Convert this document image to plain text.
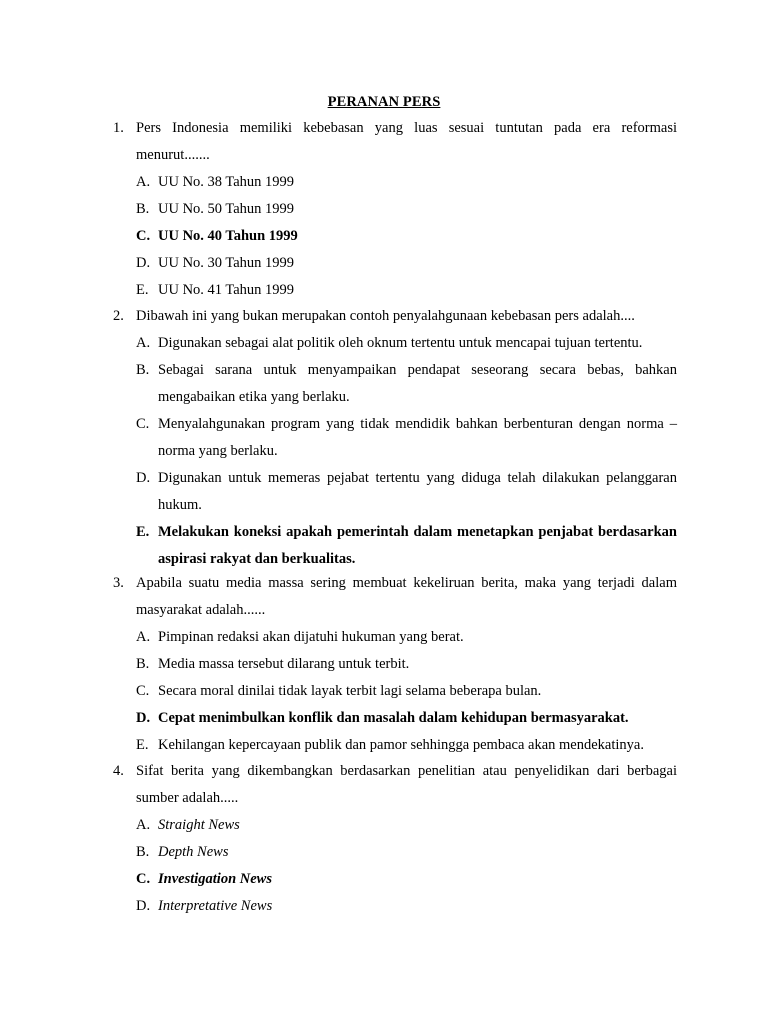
PERANAN PERS
1. Pers Indonesia memiliki kebebasan yang luas sesuai tuntutan pada era reformasi menurut.......
A. UU No. 38 Tahun 1999
B. UU No. 50 Tahun 1999
C. UU No. 40 Tahun 1999
D. UU No. 30 Tahun 1999
E. UU No. 41 Tahun 1999
2. Dibawah ini yang bukan merupakan contoh penyalahgunaan kebebasan pers adalah....
A. Digunakan sebagai alat politik oleh oknum tertentu untuk mencapai tujuan tertentu.
B. Sebagai sarana untuk menyampaikan pendapat seseorang secara bebas, bahkan mengabaikan etika yang berlaku.
C. Menyalahgunakan program yang tidak mendidik bahkan berbenturan dengan norma – norma yang berlaku.
D. Digunakan untuk memeras pejabat tertentu yang diduga telah dilakukan pelanggaran hukum.
E. Melakukan koneksi apakah pemerintah dalam menetapkan penjabat berdasarkan aspirasi rakyat dan berkualitas.
3. Apabila suatu media massa sering membuat kekeliruan berita, maka yang terjadi dalam masyarakat adalah......
A. Pimpinan redaksi akan dijatuhi hukuman yang berat.
B. Media massa tersebut dilarang untuk terbit.
C. Secara moral dinilai tidak layak terbit lagi selama beberapa bulan.
D. Cepat menimbulkan konflik dan masalah dalam kehidupan bermasyarakat.
E. Kehilangan kepercayaan publik dan pamor sehhingga pembaca akan mendekatinya.
4. Sifat berita yang dikembangkan berdasarkan penelitian atau penyelidikan dari berbagai sumber adalah.....
A. Straight News
B. Depth News
C. Investigation News
D. Interpretative News
